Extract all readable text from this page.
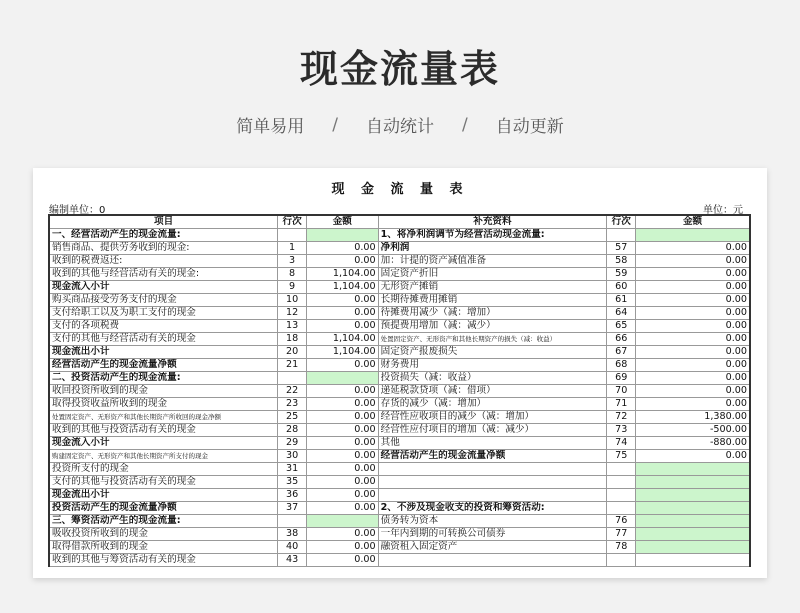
现金流量表
简单易用 / 自动统计 / 自动更新
现 金 流 量 表
编制单位：0	单位：元
项目	行次	金额	补充资料	行次	金额
一、经营活动产生的现金流量:			1、将净利润调节为经营活动现金流量:		
销售商品、提供劳务收到的现金:	1	0.00	净利润	57	0.00
收到的税费返还:	3	0.00	加：计提的资产减值准备	58	0.00
收到的其他与经营活动有关的现金:	8	1,104.00	固定资产折旧	59	0.00
现金流入小计	9	1,104.00	无形资产摊销	60	0.00
购买商品接受劳务支付的现金	10	0.00	长期待摊费用摊销	61	0.00
支付给职工以及为职工支付的现金	12	0.00	待摊费用减少（减：增加）	64	0.00
支付的各项税费	13	0.00	预提费用增加（减：减少）	65	0.00
支付的其他与经营活动有关的现金	18	1,104.00	处置固定资产、无形资产和其他长期资产的损失（减：收益）	66	0.00
现金流出小计	20	1,104.00	固定资产报废损失	67	0.00
经营活动产生的现金流量净额	21	0.00	财务费用	68	0.00
二、投资活动产生的现金流量:			投资损失（减：收益）	69	0.00
收回投资所收到的现金	22	0.00	递延税款贷项（减：借项）	70	0.00
取得投资收益所收到的现金	23	0.00	存货的减少（减：增加）	71	0.00
处置固定资产、无形资产和其他长期资产所收回的现金净额	25	0.00	经营性应收项目的减少（减：增加）	72	1,380.00
收到的其他与投资活动有关的现金	28	0.00	经营性应付项目的增加（减：减少）	73	-500.00
现金流入小计	29	0.00	其他	74	-880.00
购建固定资产、无形资产和其他长期资产所支付的现金	30	0.00	经营活动产生的现金流量净额	75	0.00
投资所支付的现金	31	0.00			
支付的其他与投资活动有关的现金	35	0.00			
现金流出小计	36	0.00			
投资活动产生的现金流量净额	37	0.00	2、不涉及现金收支的投资和筹资活动:		
三、筹资活动产生的现金流量:			债务转为资本	76	
吸收投资所收到的现金	38	0.00	一年内到期的可转换公司债券	77	
取得借款所收到的现金	40	0.00	融资租入固定资产	78	
收到的其他与筹资活动有关的现金	43	0.00			
